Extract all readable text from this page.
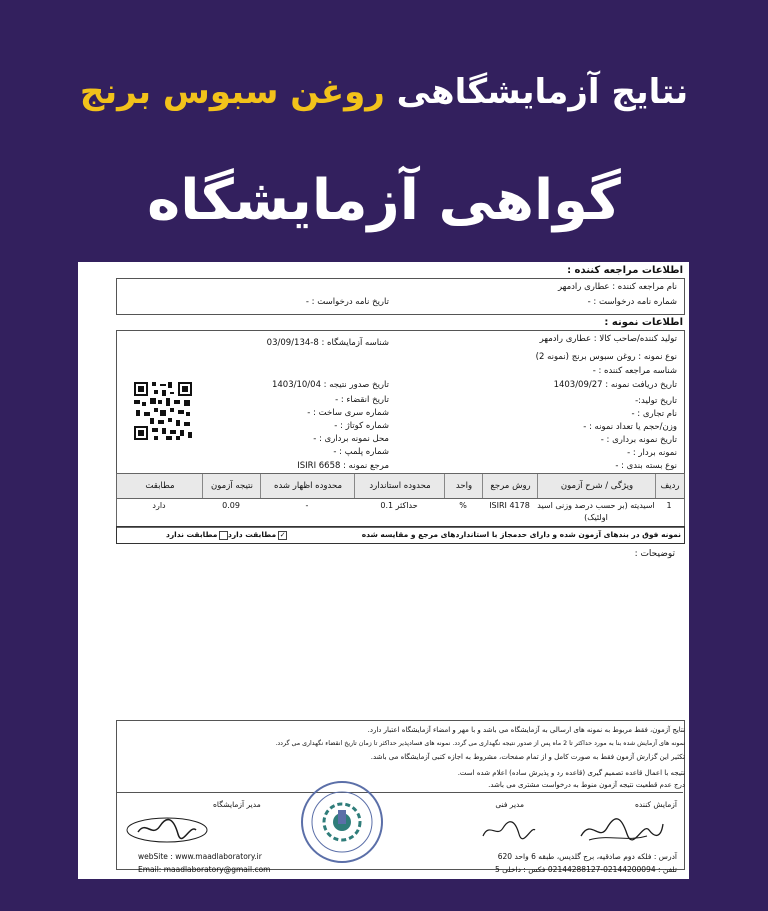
نتایج آزمایشگاهی روغن سبوس برنج
گواهی آزمایشگاه
اطلاعات مراجعه کننده :
نام مراجعه کننده : عطاری رادمهر
شماره نامه درخواست : -
تاریخ نامه درخواست : -
اطلاعات نمونه :
تولید کننده/صاحب کالا : عطاری رادمهر
نوع نمونه : روغن سبوس برنج (نمونه 2)
شناسه مراجعه کننده : -
تاریخ دریافت نمونه : 1403/09/27
تاریخ تولید:-
نام تجاری : -
وزن/حجم یا تعداد نمونه : -
تاریخ نمونه برداری : -
نمونه بردار : -
نوع بسته بندی : -
شناسه آزمایشگاه : 8-03/09/134
تاریخ صدور نتیجه : 1403/10/04
تاریخ انقضاء : -
شماره سری ساخت : -
شماره کوتاژ : -
محل نمونه برداری : -
شماره پلمپ : -
مرجع نمونه : ISIRI 6658
ردیف
ویژگی / شرح آزمون
روش مرجع
واحد
محدوده استاندارد
محدوده اظهار شده
نتیجه آزمون
مطابقت
1
اسیدیته (بر حسب درصد وزنی اسید اولئیک)
ISIRI 4178
%
حداکثر 0.1
-
0.09
دارد
نمونه فوق در بندهای آزمون شده و دارای حدمجاز با استانداردهای مرجع و مقایسه شده
✓مطابقت دارد
مطابقت ندارد
توضیحات :
نتایج آزمون، فقط مربوط به نمونه های ارسالی به آزمایشگاه می باشد و با مهر و امضاء آزمایشگاه اعتبار دارد.
نمونه های آزمایش شده بنا به مورد حداکثر تا 2 ماه پس از صدور نتیجه نگهداری می گردد. نمونه های فسادپذیر حداکثر تا زمان تاریخ انقضاء نگهداری می گردد.
تکثیر این گزارش آزمون فقط به صورت کامل و از تمام صفحات، مشروط به اجازه کتبی آزمایشگاه می باشد.
نتیجه با اعمال قاعده تصمیم گیری (قاعده رد و پذیرش ساده) اعلام شده است.
درج عدم قطعیت نتیجه آزمون منوط به درخواست مشتری می باشد.
آزمایش کننده
مدیر فنی
مدیر آزمایشگاه
آدرس : فلکه دوم صادقیه، برج گلدیس، طبقه 6 واحد 620
تلفن : 02144200094-02144288127 فکس : داخلی 5
webSite : www.maadlaboratory.ir
Email: maadlaboratory@gmail.com
